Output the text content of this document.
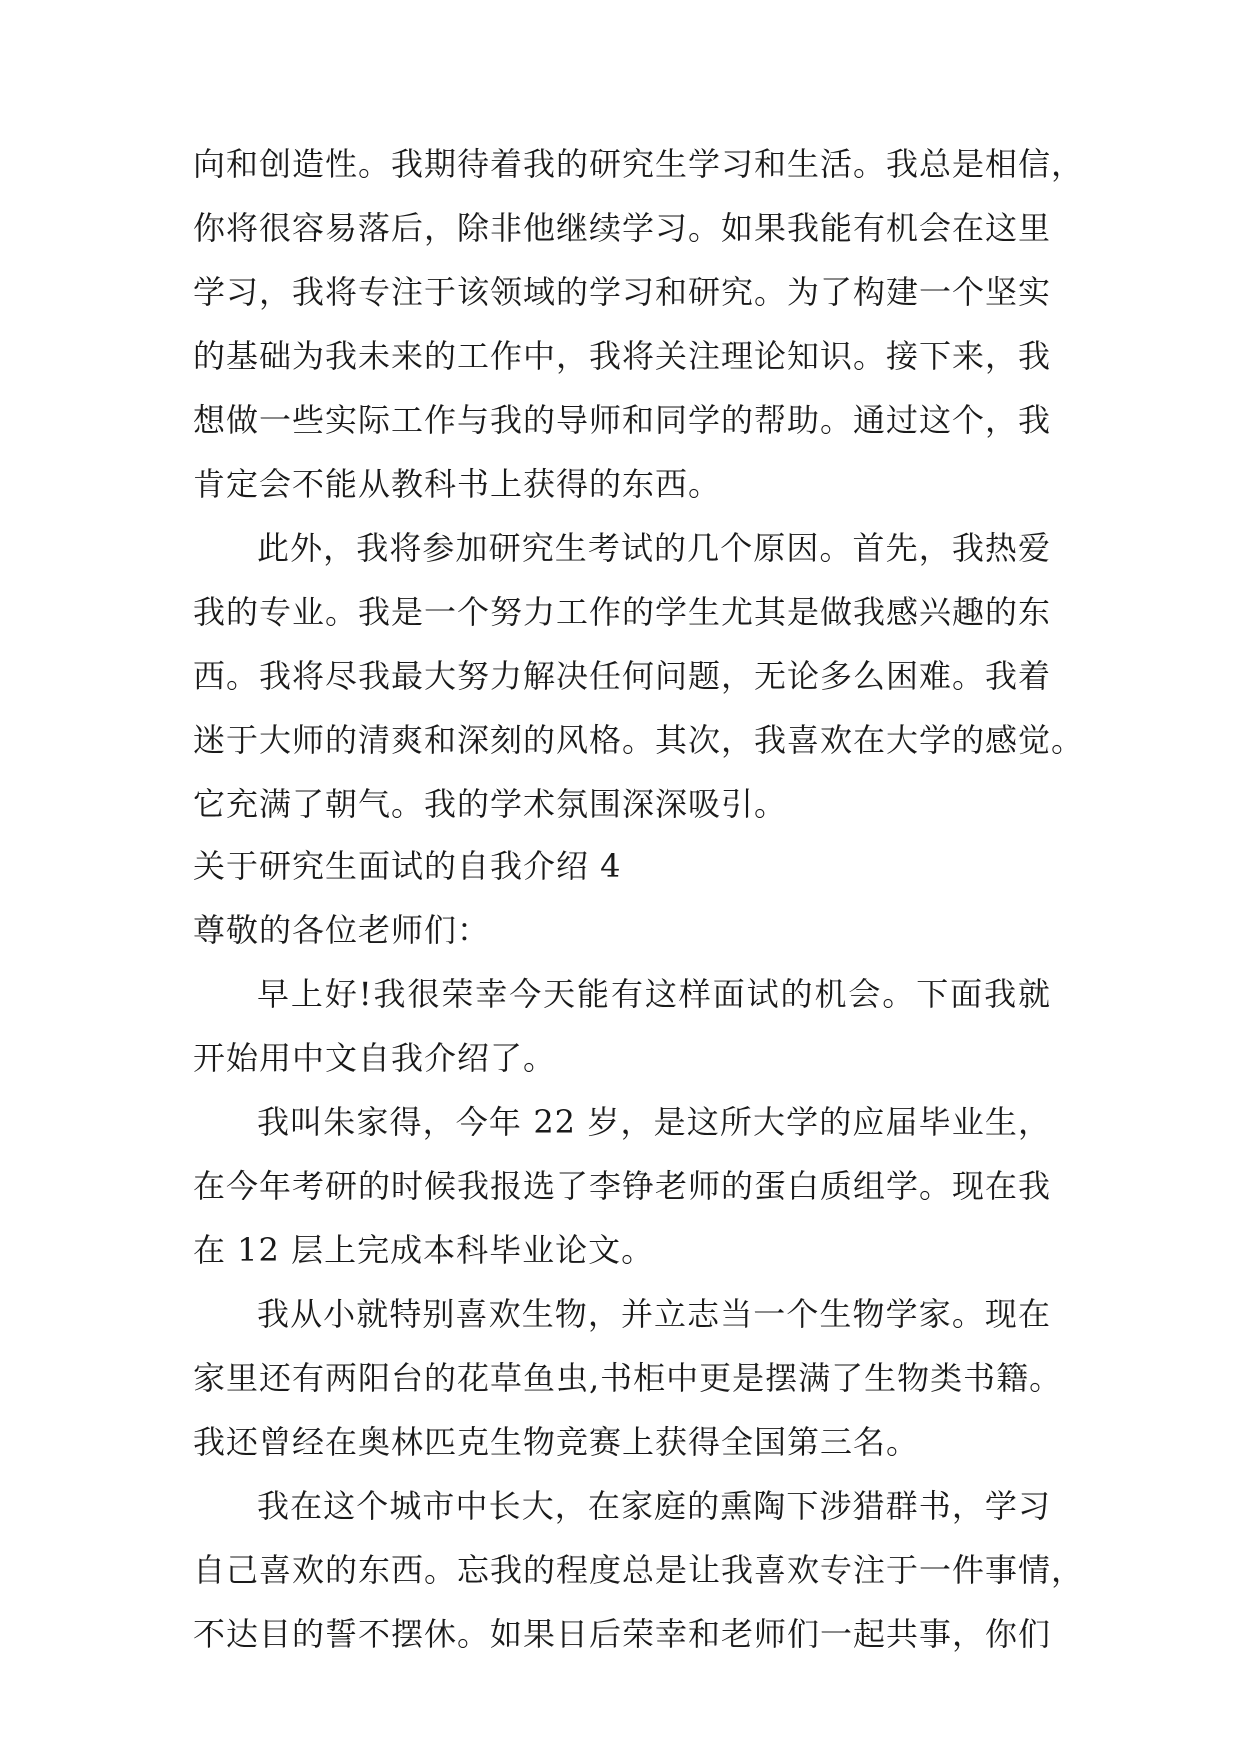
向和创造性。我期待着我的研究生学习和生活。我总是相信，
你将很容易落后，除非他继续学习。如果我能有机会在这里
学习，我将专注于该领域的学习和研究。为了构建一个坚实
的基础为我未来的工作中，我将关注理论知识。接下来，我
想做一些实际工作与我的导师和同学的帮助。通过这个，我
肯定会不能从教科书上获得的东西。
此外，我将参加研究生考试的几个原因。首先，我热爱
我的专业。我是一个努力工作的学生尤其是做我感兴趣的东
西。我将尽我最大努力解决任何问题，无论多么困难。我着
迷于大师的清爽和深刻的风格。其次，我喜欢在大学的感觉。
它充满了朝气。我的学术氛围深深吸引。
关于研究生面试的自我介绍 4
尊敬的各位老师们：
早上好!我很荣幸今天能有这样面试的机会。下面我就
开始用中文自我介绍了。
我叫朱家得，今年 22 岁，是这所大学的应届毕业生，
在今年考研的时候我报选了李铮老师的蛋白质组学。现在我
在 12 层上完成本科毕业论文。
我从小就特别喜欢生物，并立志当一个生物学家。现在
家里还有两阳台的花草鱼虫,书柜中更是摆满了生物类书籍。
我还曾经在奥林匹克生物竞赛上获得全国第三名。
我在这个城市中长大，在家庭的熏陶下涉猎群书，学习
自己喜欢的东西。忘我的程度总是让我喜欢专注于一件事情，
不达目的誓不摆休。如果日后荣幸和老师们一起共事，你们
